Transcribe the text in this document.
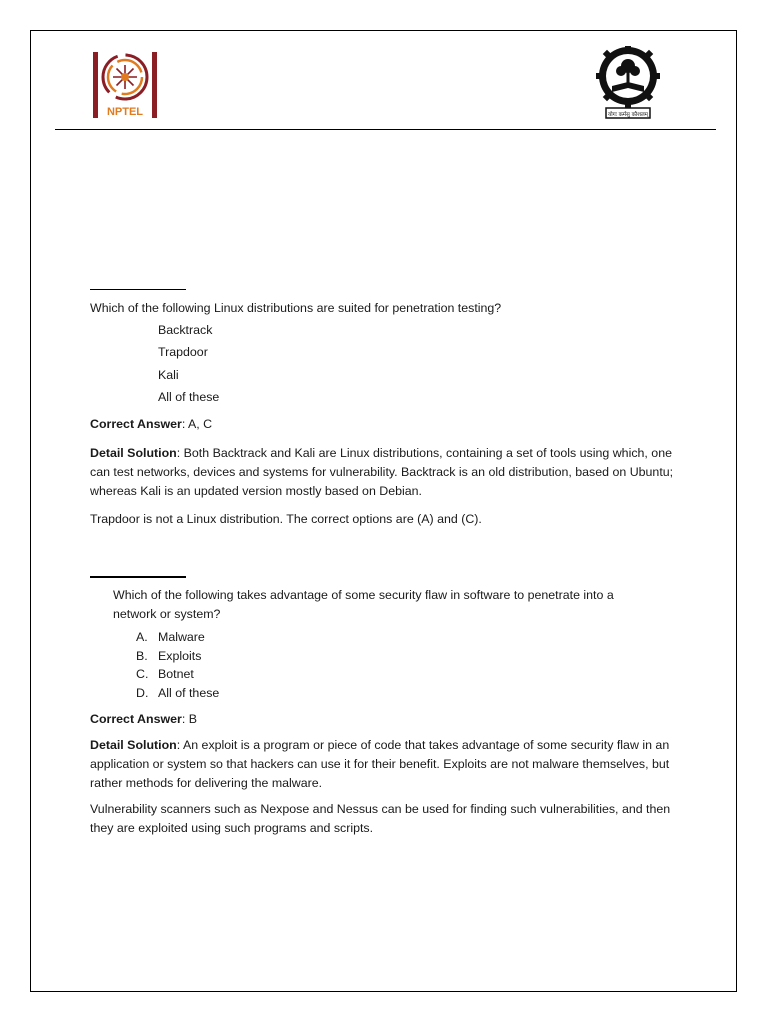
NPTEL	योगः कर्मसु कौशलम्
Which of the following Linux distributions are suited for penetration testing?
Backtrack
Trapdoor
Kali
All of these
Correct Answer: A, C
Detail Solution: Both Backtrack and Kali are Linux distributions, containing a set of tools using which, one can test networks, devices and systems for vulnerability. Backtrack is an old distribution, based on Ubuntu; whereas Kali is an updated version mostly based on Debian.
Trapdoor is not a Linux distribution. The correct options are (A) and (C).
Which of the following takes advantage of some security flaw in software to penetrate into a network or system?
A. Malware
B. Exploits
C. Botnet
D. All of these
Correct Answer: B
Detail Solution: An exploit is a program or piece of code that takes advantage of some security flaw in an application or system so that hackers can use it for their benefit. Exploits are not malware themselves, but rather methods for delivering the malware.
Vulnerability scanners such as Nexpose and Nessus can be used for finding such vulnerabilities, and then they are exploited using such programs and scripts.
